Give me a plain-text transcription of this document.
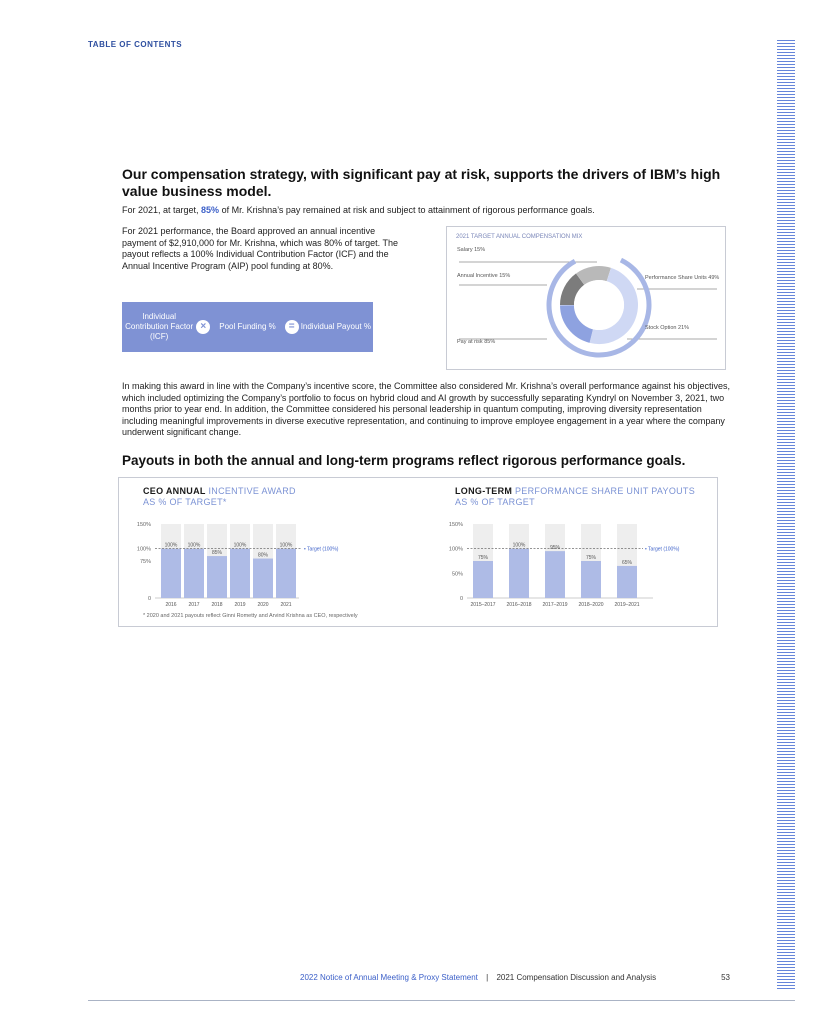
TABLE OF CONTENTS
Our compensation strategy, with significant pay at risk, supports the drivers of IBM’s high value business model.
For 2021, at target, 85% of Mr. Krishna’s pay remained at risk and subject to attainment of rigorous performance goals.
For 2021 performance, the Board approved an annual incentive payment of $2,910,000 for Mr. Krishna, which was 80% of target. The payout reflects a 100% Individual Contribution Factor (ICF) and the Annual Incentive Program (AIP) pool funding at 80%.
Individual Contribution Factor (ICF)
×	Pool Funding %	= Individual Payout %
2021 TARGET ANNUAL COMPENSATION MIX
Salary 15%
Annual Incentive 15%	Performance Share Units 49%
Stock Option 21%
Pay at risk 85%
In making this award in line with the Company’s incentive score, the Committee also considered Mr. Krishna’s overall performance against his objectives, which included optimizing the Company’s portfolio to focus on hybrid cloud and AI growth by successfully separating Kyndryl on November 3, 2021, two months prior to year end. In addition, the Committee considered his personal leadership in quantum computing, improving diversity representation including meaningful improvements in diverse executive representation, and continuing to improve employee engagement in a year where the company underwent significant change.
Payouts in both the annual and long-term programs reflect rigorous performance goals.
CEO ANNUAL INCENTIVE AWARD
AS % OF TARGET*
LONG-TERM PERFORMANCE SHARE UNIT PAYOUTS
AS % OF TARGET
0
75%
100%
150%
100%
2016
100%
2017
85%
2018
100%
2019
80%
2020
100%
2021
• Target (100%)
0
50%
100%
150%
75%
2015–2017
100%
2016–2018
95%
2017–2019
75%
2018–2020
65%
2019–2021
• Target (100%)
* 2020 and 2021 payouts reflect Ginni Rometty and Arvind Krishna as CEO, respectively
2022 Notice of Annual Meeting & Proxy Statement | 2021 Compensation Discussion and Analysis	53
